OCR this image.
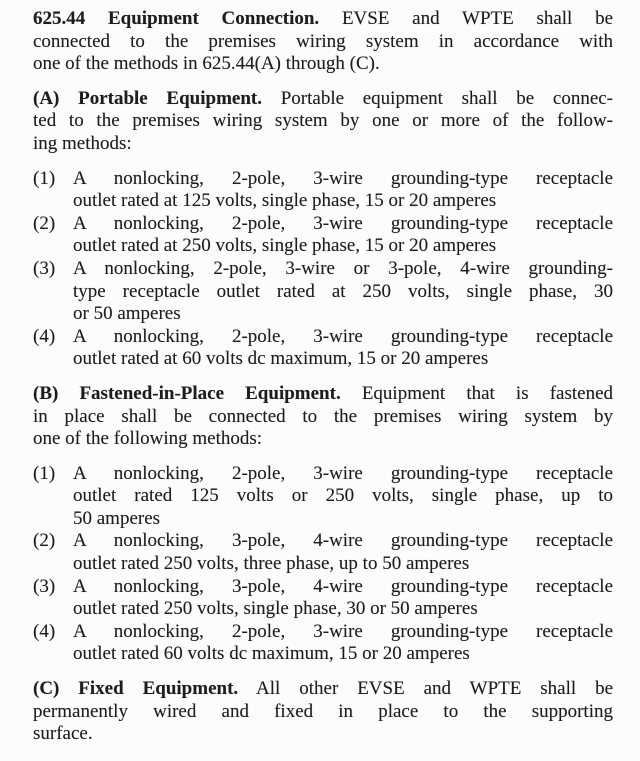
625.44 Equipment Connection. EVSE and WPTE shall be
connected to the premises wiring system in accordance with
one of the methods in 625.44(A) through (C).
(A) Portable Equipment. Portable equipment shall be connec-
ted to the premises wiring system by one or more of the follow-
ing methods:
(1) A nonlocking, 2-pole, 3-wire grounding-type receptacle
outlet rated at 125 volts, single phase, 15 or 20 amperes
(2) A nonlocking, 2-pole, 3-wire grounding-type receptacle
outlet rated at 250 volts, single phase, 15 or 20 amperes
(3) A nonlocking, 2-pole, 3-wire or 3-pole, 4-wire grounding-
type receptacle outlet rated at 250 volts, single phase, 30
or 50 amperes
(4) A nonlocking, 2-pole, 3-wire grounding-type receptacle
outlet rated at 60 volts dc maximum, 15 or 20 amperes
(B) Fastened-in-Place Equipment. Equipment that is fastened
in place shall be connected to the premises wiring system by
one of the following methods:
(1) A nonlocking, 2-pole, 3-wire grounding-type receptacle
outlet rated 125 volts or 250 volts, single phase, up to
50 amperes
(2) A nonlocking, 3-pole, 4-wire grounding-type receptacle
outlet rated 250 volts, three phase, up to 50 amperes
(3) A nonlocking, 3-pole, 4-wire grounding-type receptacle
outlet rated 250 volts, single phase, 30 or 50 amperes
(4) A nonlocking, 2-pole, 3-wire grounding-type receptacle
outlet rated 60 volts dc maximum, 15 or 20 amperes
(C) Fixed Equipment. All other EVSE and WPTE shall be
permanently wired and fixed in place to the supporting
surface.
